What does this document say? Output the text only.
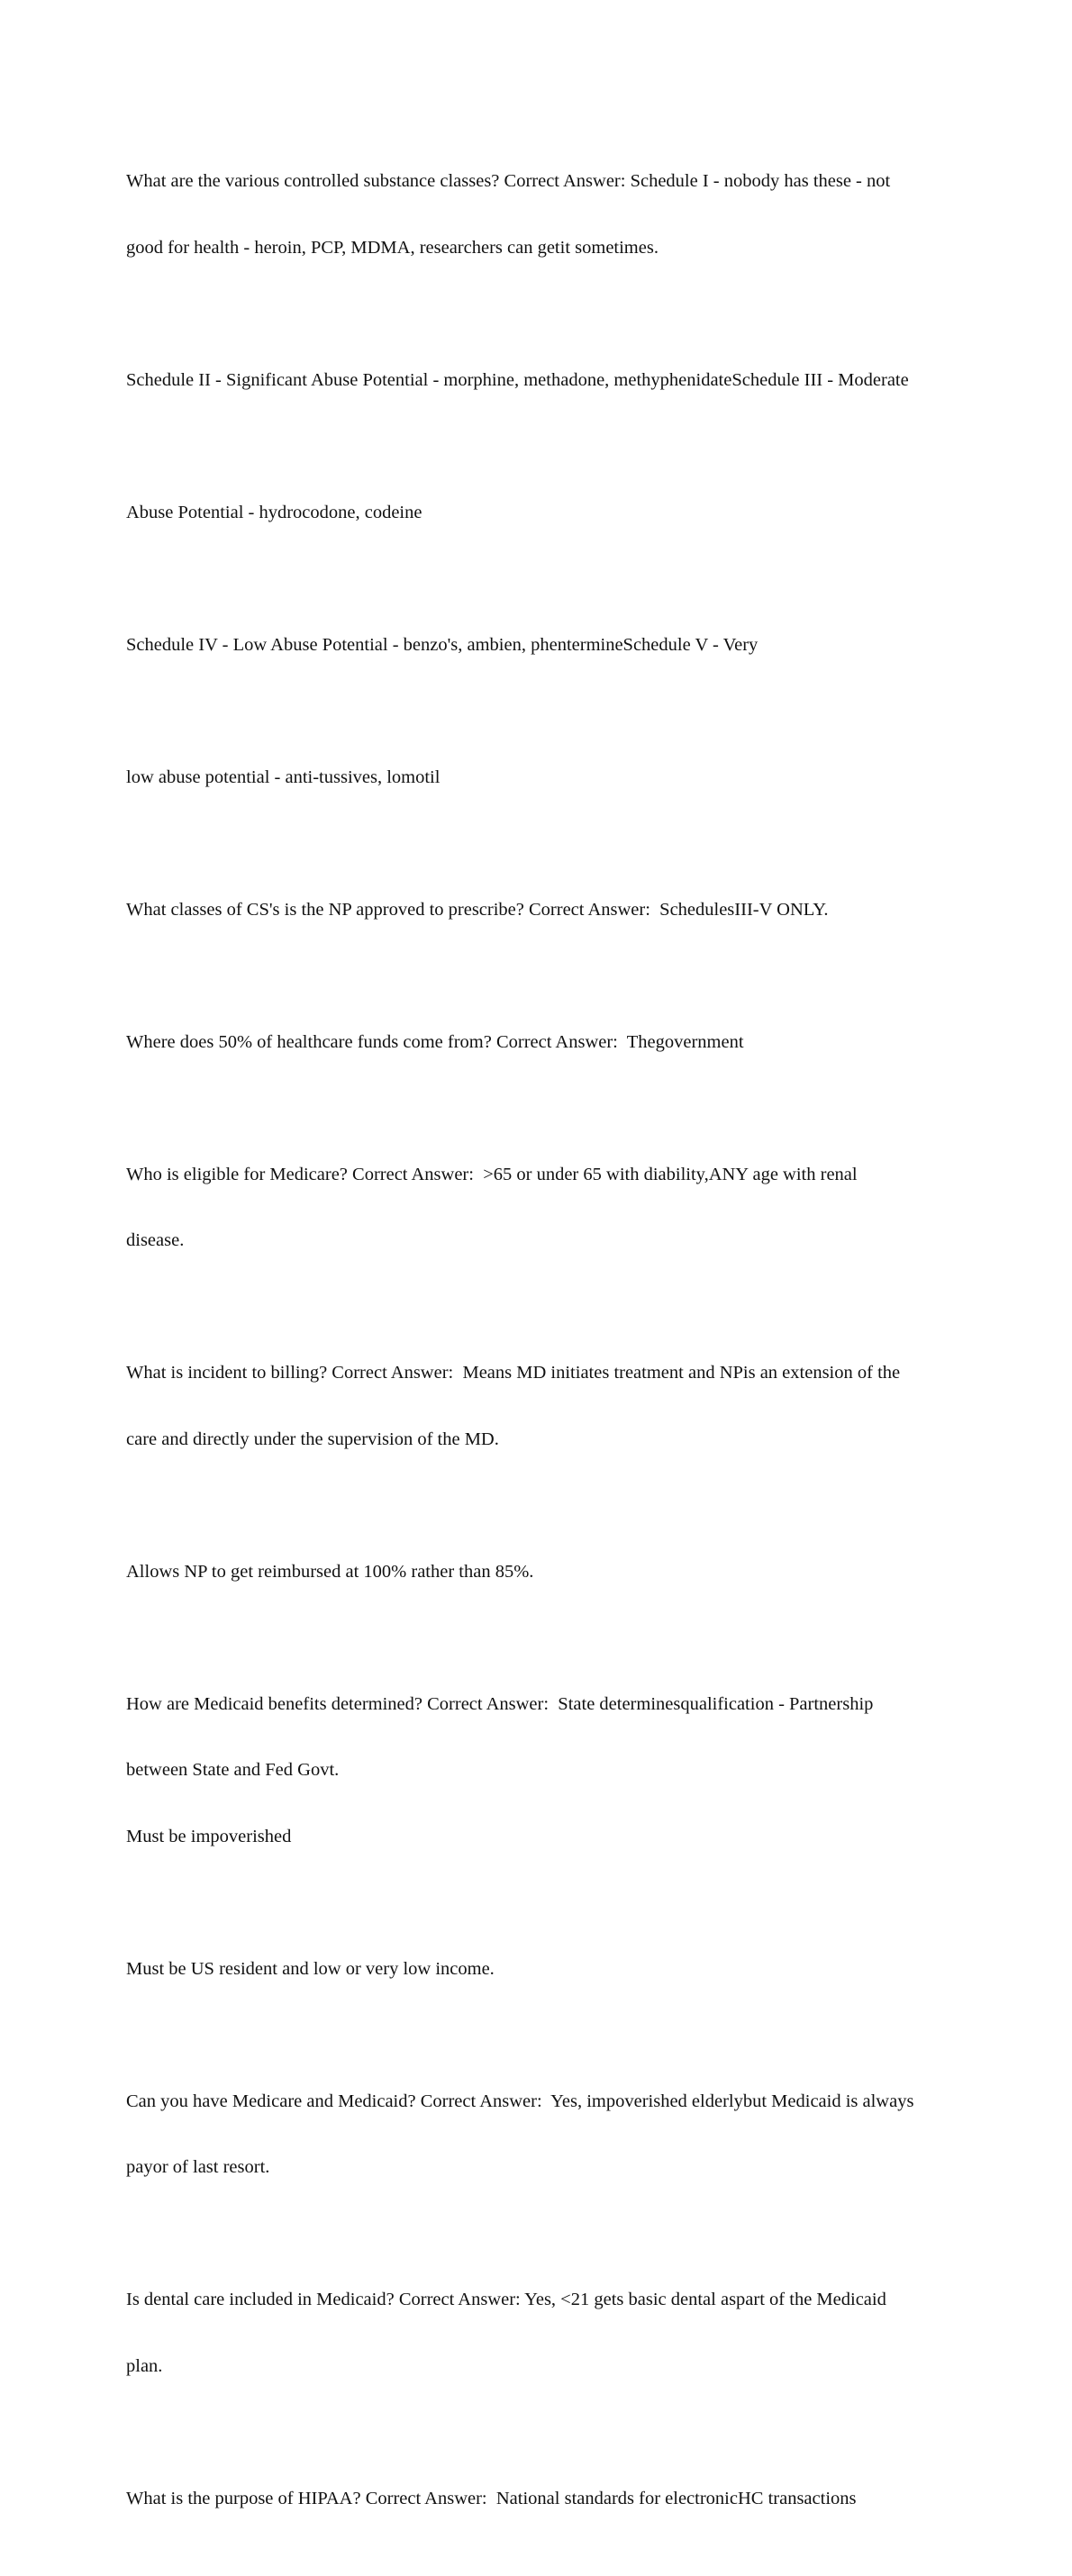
What are the various controlled substance classes? Correct Answer: Schedule I - nobody has these - not

good for health - heroin, PCP, MDMA, researchers can getit sometimes.

Schedule II - Significant Abuse Potential - morphine, methadone, methyphenidateSchedule III - Moderate

Abuse Potential - hydrocodone, codeine

Schedule IV - Low Abuse Potential - benzo's, ambien, phentermineSchedule V - Very

low abuse potential - anti-tussives, lomotil

What classes of CS's is the NP approved to prescribe? Correct Answer:  SchedulesIII-V ONLY.

Where does 50% of healthcare funds come from? Correct Answer:  Thegovernment

Who is eligible for Medicare? Correct Answer:  >65 or under 65 with diability,ANY age with renal

disease.

What is incident to billing? Correct Answer:  Means MD initiates treatment and NPis an extension of the

care and directly under the supervision of the MD.

Allows NP to get reimbursed at 100% rather than 85%.

How are Medicaid benefits determined? Correct Answer:  State determinesqualification - Partnership

between State and Fed Govt.

Must be impoverished

Must be US resident and low or very low income.

Can you have Medicare and Medicaid? Correct Answer:  Yes, impoverished elderlybut Medicaid is always

payor of last resort.

Is dental care included in Medicaid? Correct Answer: Yes, <21 gets basic dental aspart of the Medicaid

plan.

What is the purpose of HIPAA? Correct Answer:  National standards for electronicHC transactions
